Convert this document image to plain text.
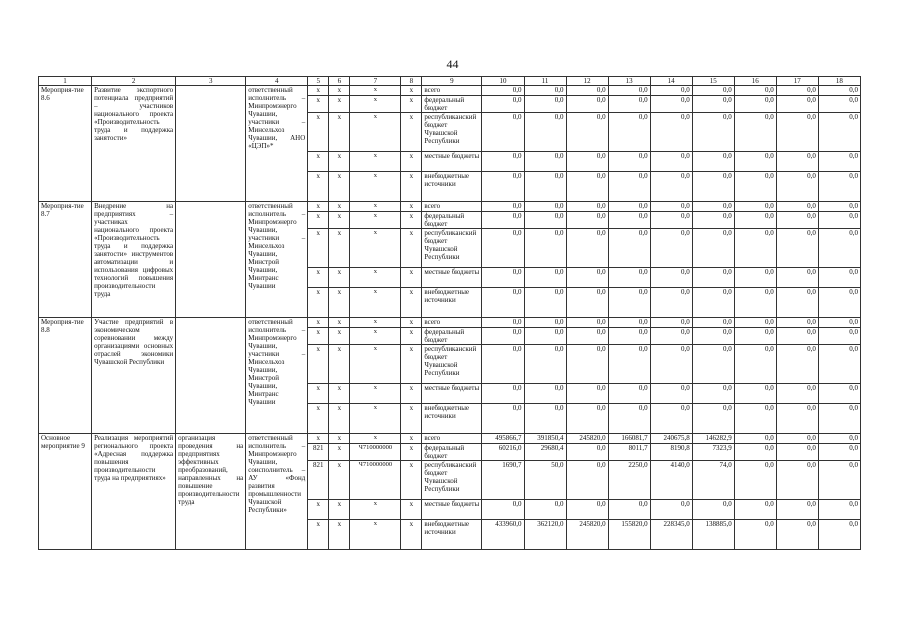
44
1	2	3	4	5	6	7	8	9	10	11	12	13	14	15	16	17	18
Мероприя-тие 8.6	Развитие экспортного потенциала предприятий – участников национального проекта «Производительность труда и поддержка занятости»		ответственный исполнитель – Минпромэнерго Чувашии, участники – Минсельхоз Чувашии, АНО «ЦЭП»*	x	x	x	x	всего	0,0	0,0	0,0	0,0	0,0	0,0	0,0	0,0	0,0
				x	x	x	x	федеральный бюджет	0,0	0,0	0,0	0,0	0,0	0,0	0,0	0,0	0,0
				x	x	x	x	республиканский бюджет Чувашской Республики	0,0	0,0	0,0	0,0	0,0	0,0	0,0	0,0	0,0
				x	x	x	x	местные бюджеты	0,0	0,0	0,0	0,0	0,0	0,0	0,0	0,0	0,0
				x	x	x	x	внебюджетные источники	0,0	0,0	0,0	0,0	0,0	0,0	0,0	0,0	0,0
Мероприя-тие 8.7	Внедрение на предприятиях – участниках национального проекта «Производительность труда и поддержка занятости» инструментов автоматизации и использования цифровых технологий повышения производительности труда		ответственный исполнитель – Минпромэнерго Чувашии, участники – Минсельхоз Чувашии, Минстрой Чувашии, Минтранс Чувашии	x	x	x	x	всего	0,0	0,0	0,0	0,0	0,0	0,0	0,0	0,0	0,0
				x	x	x	x	федеральный бюджет	0,0	0,0	0,0	0,0	0,0	0,0	0,0	0,0	0,0
				x	x	x	x	республиканский бюджет Чувашской Республики	0,0	0,0	0,0	0,0	0,0	0,0	0,0	0,0	0,0
				x	x	x	x	местные бюджеты	0,0	0,0	0,0	0,0	0,0	0,0	0,0	0,0	0,0
				x	x	x	x	внебюджетные источники	0,0	0,0	0,0	0,0	0,0	0,0	0,0	0,0	0,0
Мероприя-тие 8.8	Участие предприятий в экономическом соревновании между организациями основных отраслей экономики Чувашской Республики		ответственный исполнитель – Минпромэнерго Чувашии, участники – Минсельхоз Чувашии, Минстрой Чувашии, Минтранс Чувашии	x	x	x	x	всего	0,0	0,0	0,0	0,0	0,0	0,0	0,0	0,0	0,0
				x	x	x	x	федеральный бюджет	0,0	0,0	0,0	0,0	0,0	0,0	0,0	0,0	0,0
				x	x	x	x	республиканский бюджет Чувашской Республики	0,0	0,0	0,0	0,0	0,0	0,0	0,0	0,0	0,0
				x	x	x	x	местные бюджеты	0,0	0,0	0,0	0,0	0,0	0,0	0,0	0,0	0,0
				x	x	x	x	внебюджетные источники	0,0	0,0	0,0	0,0	0,0	0,0	0,0	0,0	0,0
Основное мероприятие 9	Реализация мероприятий регионального проекта «Адресная поддержка повышения производительности труда на предприятиях»	организация проведения на предприятиях эффективных преобразований, направленных на повышение производительности труда	ответственный исполнитель – Минпромэнерго Чувашии, соисполнитель – АУ «Фонд развития промышленности Чувашской Республики»	x	x	x	x	всего	495866,7	391850,4	245820,0	166081,7	240675,8	146282,9	0,0	0,0	0,0
				821	x	Ч710000000	x	федеральный бюджет	60216,0	29680,4	0,0	8011,7	8190,8	7323,9	0,0	0,0	0,0
				821	x	Ч710000000	x	республиканский бюджет Чувашской Республики	1690,7	50,0	0,0	2250,0	4140,0	74,0	0,0	0,0	0,0
				x	x	x	x	местные бюджеты	0,0	0,0	0,0	0,0	0,0	0,0	0,0	0,0	0,0
				x	x	x	x	внебюджетные источники	433960,0	362120,0	245820,0	155820,0	228345,0	138885,0	0,0	0,0	0,0
